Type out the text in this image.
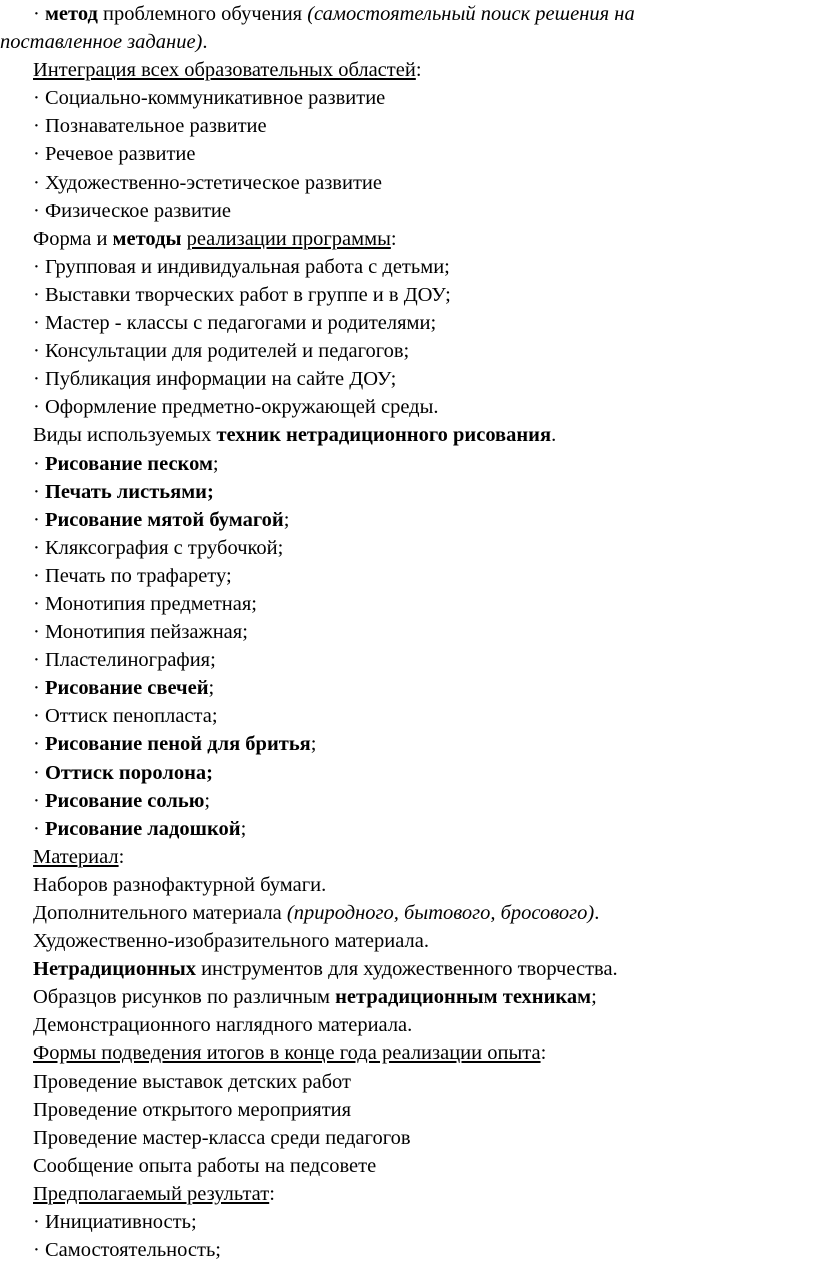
· метод проблемного обучения (самостоятельный поиск решения на
поставленное задание).
Интеграция всех образовательных областей:
· Социально-коммуникативное развитие
· Познавательное развитие
· Речевое развитие
· Художественно-эстетическое развитие
· Физическое развитие
Форма и методы реализации программы:
· Групповая и индивидуальная работа с детьми;
· Выставки творческих работ в группе и в ДОУ;
· Мастер - классы с педагогами и родителями;
· Консультации для родителей и педагогов;
· Публикация информации на сайте ДОУ;
· Оформление предметно-окружающей среды.
Виды используемых техник нетрадиционного рисования.
· Рисование песком;
· Печать листьями;
· Рисование мятой бумагой;
· Кляксография с трубочкой;
· Печать по трафарету;
· Монотипия предметная;
· Монотипия пейзажная;
· Пластелинография;
· Рисование свечей;
· Оттиск пенопласта;
· Рисование пеной для бритья;
· Оттиск поролона;
· Рисование солью;
· Рисование ладошкой;
Материал:
Наборов разнофактурной бумаги.
Дополнительного материала (природного, бытового, бросового).
Художественно-изобразительного материала.
Нетрадиционных инструментов для художественного творчества.
Образцов рисунков по различным нетрадиционным техникам;
Демонстрационного наглядного материала.
Формы подведения итогов в конце года реализации опыта:
Проведение выставок детских работ
Проведение открытого мероприятия
Проведение мастер-класса среди педагогов
Сообщение опыта работы на педсовете
Предполагаемый результат:
· Инициативность;
· Самостоятельность;
